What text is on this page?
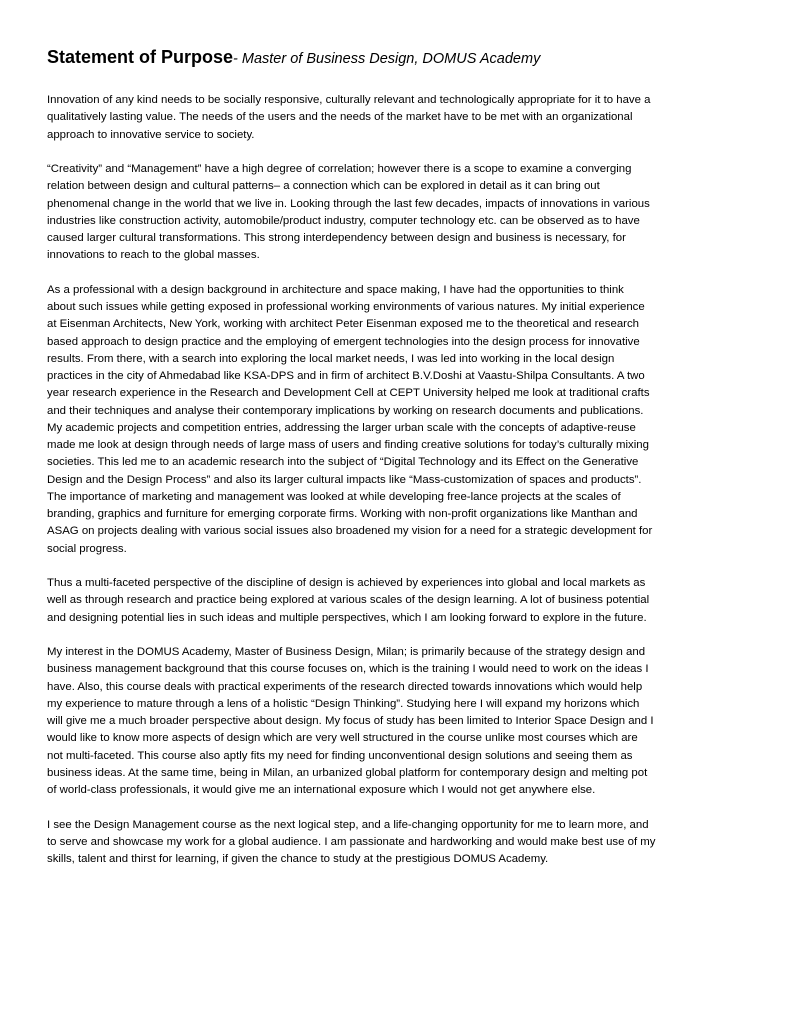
Statement of Purpose- Master of Business Design, DOMUS Academy

Innovation of any kind needs to be socially responsive, culturally relevant and technologically appropriate for it to have a
qualitatively lasting value. The needs of the users and the needs of the market have to be met with an organizational
approach to innovative service to society.

“Creativity” and “Management” have a high degree of correlation; however there is a scope to examine a converging
relation between design and cultural patterns– a connection which can be explored in detail as it can bring out
phenomenal change in the world that we live in. Looking through the last few decades, impacts of innovations in various
industries like construction activity, automobile/product industry, computer technology etc. can be observed as to have
caused larger cultural transformations. This strong interdependency between design and business is necessary, for
innovations to reach to the global masses.

As a professional with a design background in architecture and space making, I have had the opportunities to think
about such issues while getting exposed in professional working environments of various natures. My initial experience
at Eisenman Architects, New York, working with architect Peter Eisenman exposed me to the theoretical and research
based approach to design practice and the employing of emergent technologies into the design process for innovative
results. From there, with a search into exploring the local market needs, I was led into working in the local design
practices in the city of Ahmedabad like KSA-DPS and in firm of architect B.V.Doshi at Vaastu-Shilpa Consultants. A two
year research experience in the Research and Development Cell at CEPT University helped me look at traditional crafts
and their techniques and analyse their contemporary implications by working on research documents and publications.
My academic projects and competition entries, addressing the larger urban scale with the concepts of adaptive-reuse
made me look at design through needs of large mass of users and finding creative solutions for today’s culturally mixing
societies. This led me to an academic research into the subject of “Digital Technology and its Effect on the Generative
Design and the Design Process” and also its larger cultural impacts like “Mass-customization of spaces and products”.
The importance of marketing and management was looked at while developing free-lance projects at the scales of
branding, graphics and furniture for emerging corporate firms. Working with non-profit organizations like Manthan and
ASAG on projects dealing with various social issues also broadened my vision for a need for a strategic development for
social progress.

Thus a multi-faceted perspective of the discipline of design is achieved by experiences into global and local markets as
well as through research and practice being explored at various scales of the design learning. A lot of business potential
and designing potential lies in such ideas and multiple perspectives, which I am looking forward to explore in the future.

My interest in the DOMUS Academy, Master of Business Design, Milan; is primarily because of the strategy design and
business management background that this course focuses on, which is the training I would need to work on the ideas I
have. Also, this course deals with practical experiments of the research directed towards innovations which would help
my experience to mature through a lens of a holistic “Design Thinking”. Studying here I will expand my horizons which
will give me a much broader perspective about design. My focus of study has been limited to Interior Space Design and I
would like to know more aspects of design which are very well structured in the course unlike most courses which are
not multi-faceted. This course also aptly fits my need for finding unconventional design solutions and seeing them as
business ideas. At the same time, being in Milan, an urbanized global platform for contemporary design and melting pot
of world-class professionals, it would give me an international exposure which I would not get anywhere else.

I see the Design Management course as the next logical step, and a life-changing opportunity for me to learn more, and
to serve and showcase my work for a global audience. I am passionate and hardworking and would make best use of my
skills, talent and thirst for learning, if given the chance to study at the prestigious DOMUS Academy.
